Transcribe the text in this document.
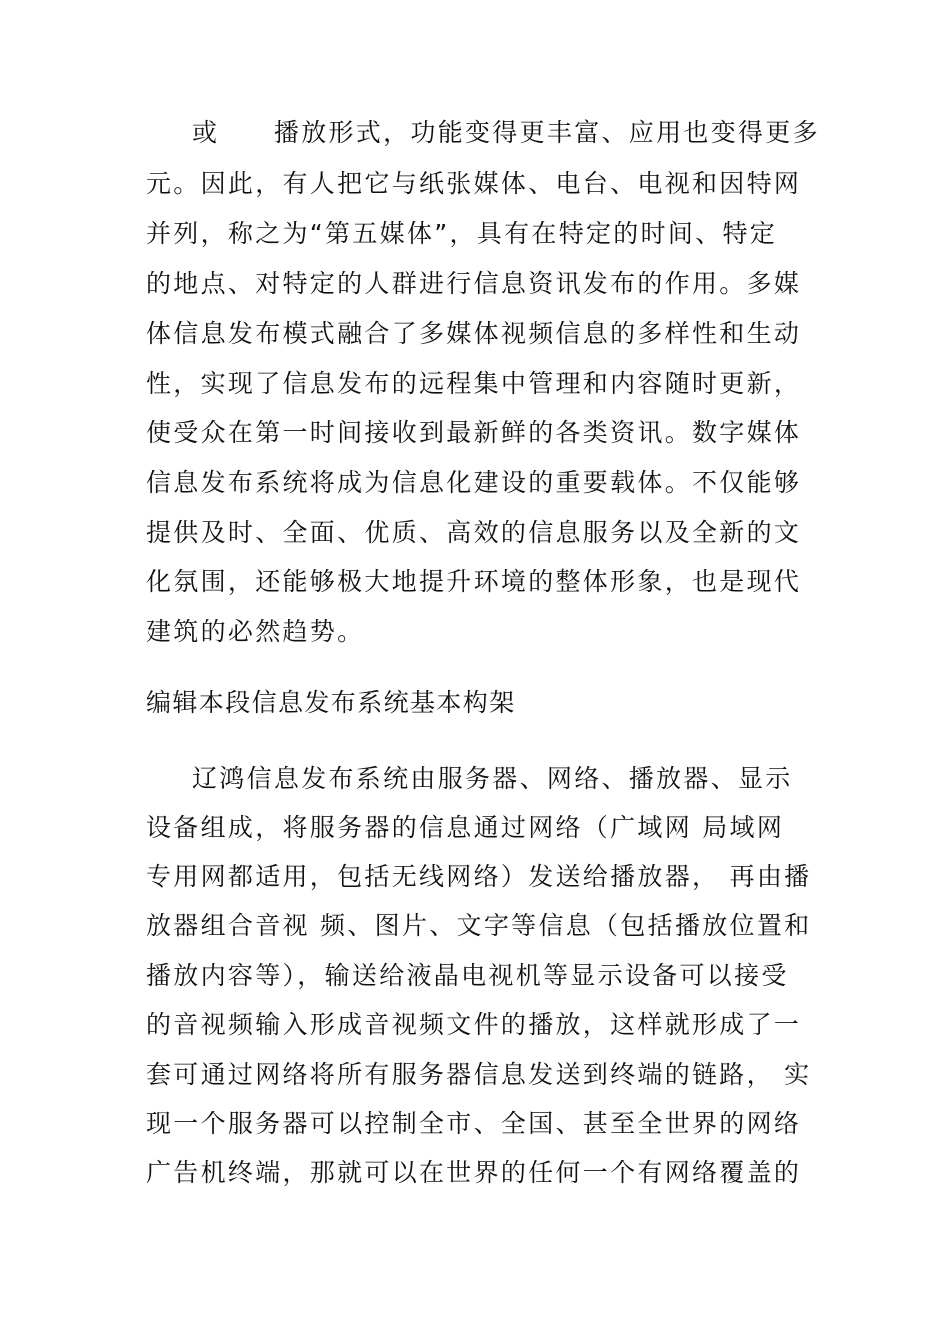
或　　播放形式，功能变得更丰富、应用也变得更多
元。因此，有人把它与纸张媒体、电台、电视和因特网
并列，称之为“第五媒体”，具有在特定的时间、特定
的地点、对特定的人群进行信息资讯发布的作用。多媒
体信息发布模式融合了多媒体视频信息的多样性和生动
性，实现了信息发布的远程集中管理和内容随时更新，
使受众在第一时间接收到最新鲜的各类资讯。数字媒体
信息发布系统将成为信息化建设的重要载体。不仅能够
提供及时、全面、优质、高效的信息服务以及全新的文
化氛围，还能够极大地提升环境的整体形象，也是现代
建筑的必然趋势。
编辑本段信息发布系统基本构架
辽鸿信息发布系统由服务器、网络、播放器、显示
设备组成，将服务器的信息通过网络（广域网 局域网
专用网都适用，包括无线网络）发送给播放器， 再由播
放器组合音视 频、图片、文字等信息（包括播放位置和
播放内容等），输送给液晶电视机等显示设备可以接受
的音视频输入形成音视频文件的播放，这样就形成了一
套可通过网络将所有服务器信息发送到终端的链路， 实
现一个服务器可以控制全市、全国、甚至全世界的网络
广告机终端，那就可以在世界的任何一个有网络覆盖的
